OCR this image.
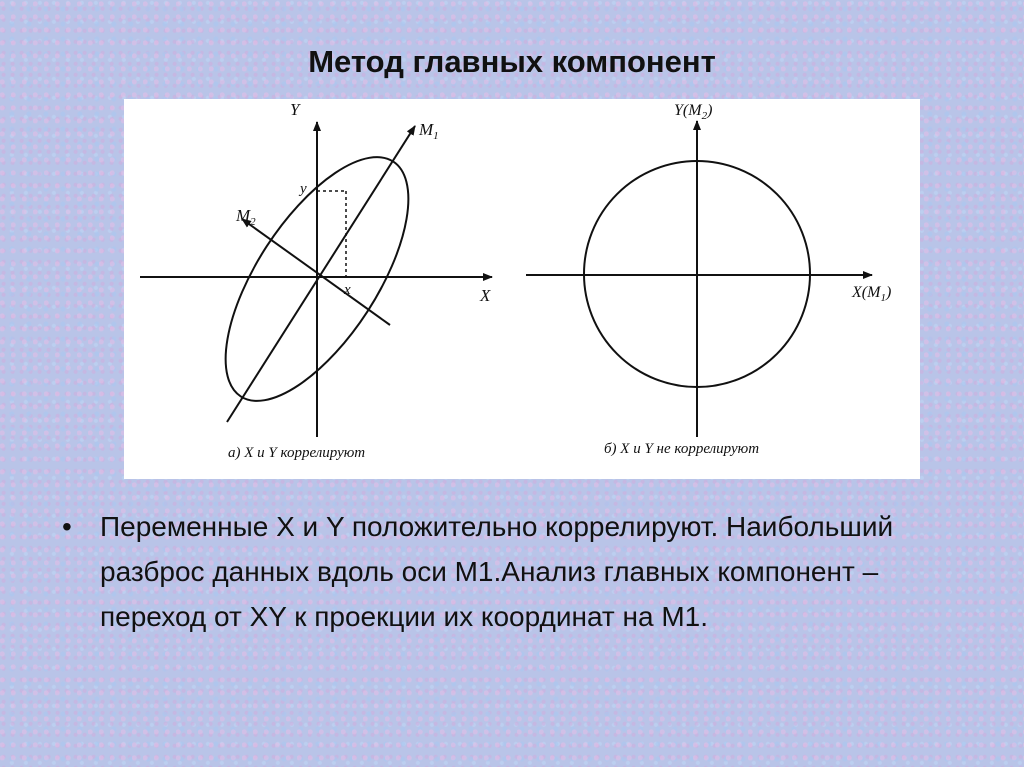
Метод главных компонент
Y
X
$M_1$
$M_2$
y
x
а) X и Y коррелируют
$Y(M_2)$
$X(M_1)$
б) X и Y не коррелируют
• Переменные X и Y положительно коррелируют. Наибольший разброс данных вдоль оси M1.Анализ главных компонент – переход от XY к проекции их координат на M1.
